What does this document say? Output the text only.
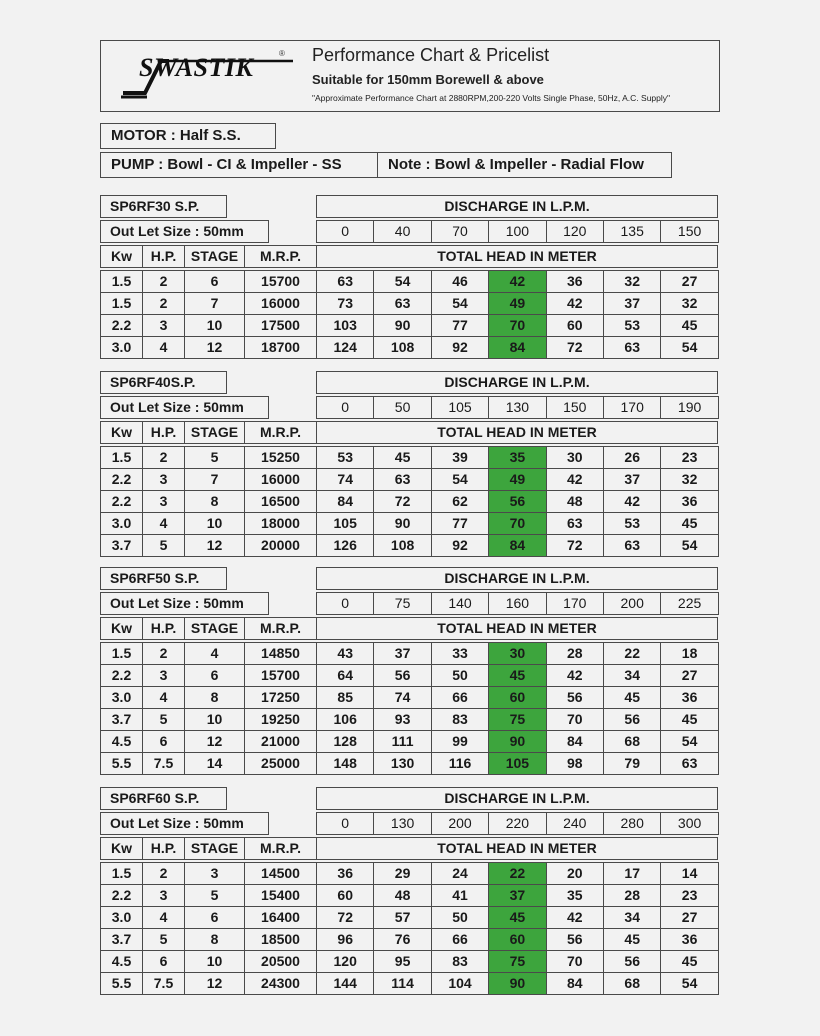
SWASTIK	® Performance Chart & Pricelist
Suitable for 150mm Borewell & above
"Approximate Performance Chart at 2880RPM,200-220 Volts Single Phase, 50Hz, A.C. Supply"
MOTOR : Half S.S.
PUMP : Bowl - CI & Impeller - SS	Note : Bowl & Impeller - Radial Flow
SP6RF30 S.P.
Out Let Size : 50mm
DISCHARGE IN L.P.M.
0	40	70	100	120	135	150
Kw	H.P.	STAGE	M.R.P.	TOTAL HEAD IN METER
1.5	2	6	15700	63	54	46	42	36	32	27
1.5	2	7	16000	73	63	54	49	42	37	32
2.2	3	10	17500	103	90	77	70	60	53	45
3.0	4	12	18700	124	108	92	84	72	63	54
SP6RF40S.P.
Out Let Size : 50mm
DISCHARGE IN L.P.M.
0	50	105	130	150	170	190
Kw	H.P.	STAGE	M.R.P.	TOTAL HEAD IN METER
1.5	2	5	15250	53	45	39	35	30	26	23
2.2	3	7	16000	74	63	54	49	42	37	32
2.2	3	8	16500	84	72	62	56	48	42	36
3.0	4	10	18000	105	90	77	70	63	53	45
3.7	5	12	20000	126	108	92	84	72	63	54
SP6RF50 S.P.
Out Let Size : 50mm
DISCHARGE IN L.P.M.
0	75	140	160	170	200	225
Kw	H.P.	STAGE	M.R.P.	TOTAL HEAD IN METER
1.5	2	4	14850	43	37	33	30	28	22	18
2.2	3	6	15700	64	56	50	45	42	34	27
3.0	4	8	17250	85	74	66	60	56	45	36
3.7	5	10	19250	106	93	83	75	70	56	45
4.5	6	12	21000	128	111	99	90	84	68	54
5.5	7.5	14	25000	148	130	116	105	98	79	63
SP6RF60 S.P.
Out Let Size : 50mm
DISCHARGE IN L.P.M.
0	130	200	220	240	280	300
Kw	H.P.	STAGE	M.R.P.	TOTAL HEAD IN METER
1.5	2	3	14500	36	29	24	22	20	17	14
2.2	3	5	15400	60	48	41	37	35	28	23
3.0	4	6	16400	72	57	50	45	42	34	27
3.7	5	8	18500	96	76	66	60	56	45	36
4.5	6	10	20500	120	95	83	75	70	56	45
5.5	7.5	12	24300	144	114	104	90	84	68	54
